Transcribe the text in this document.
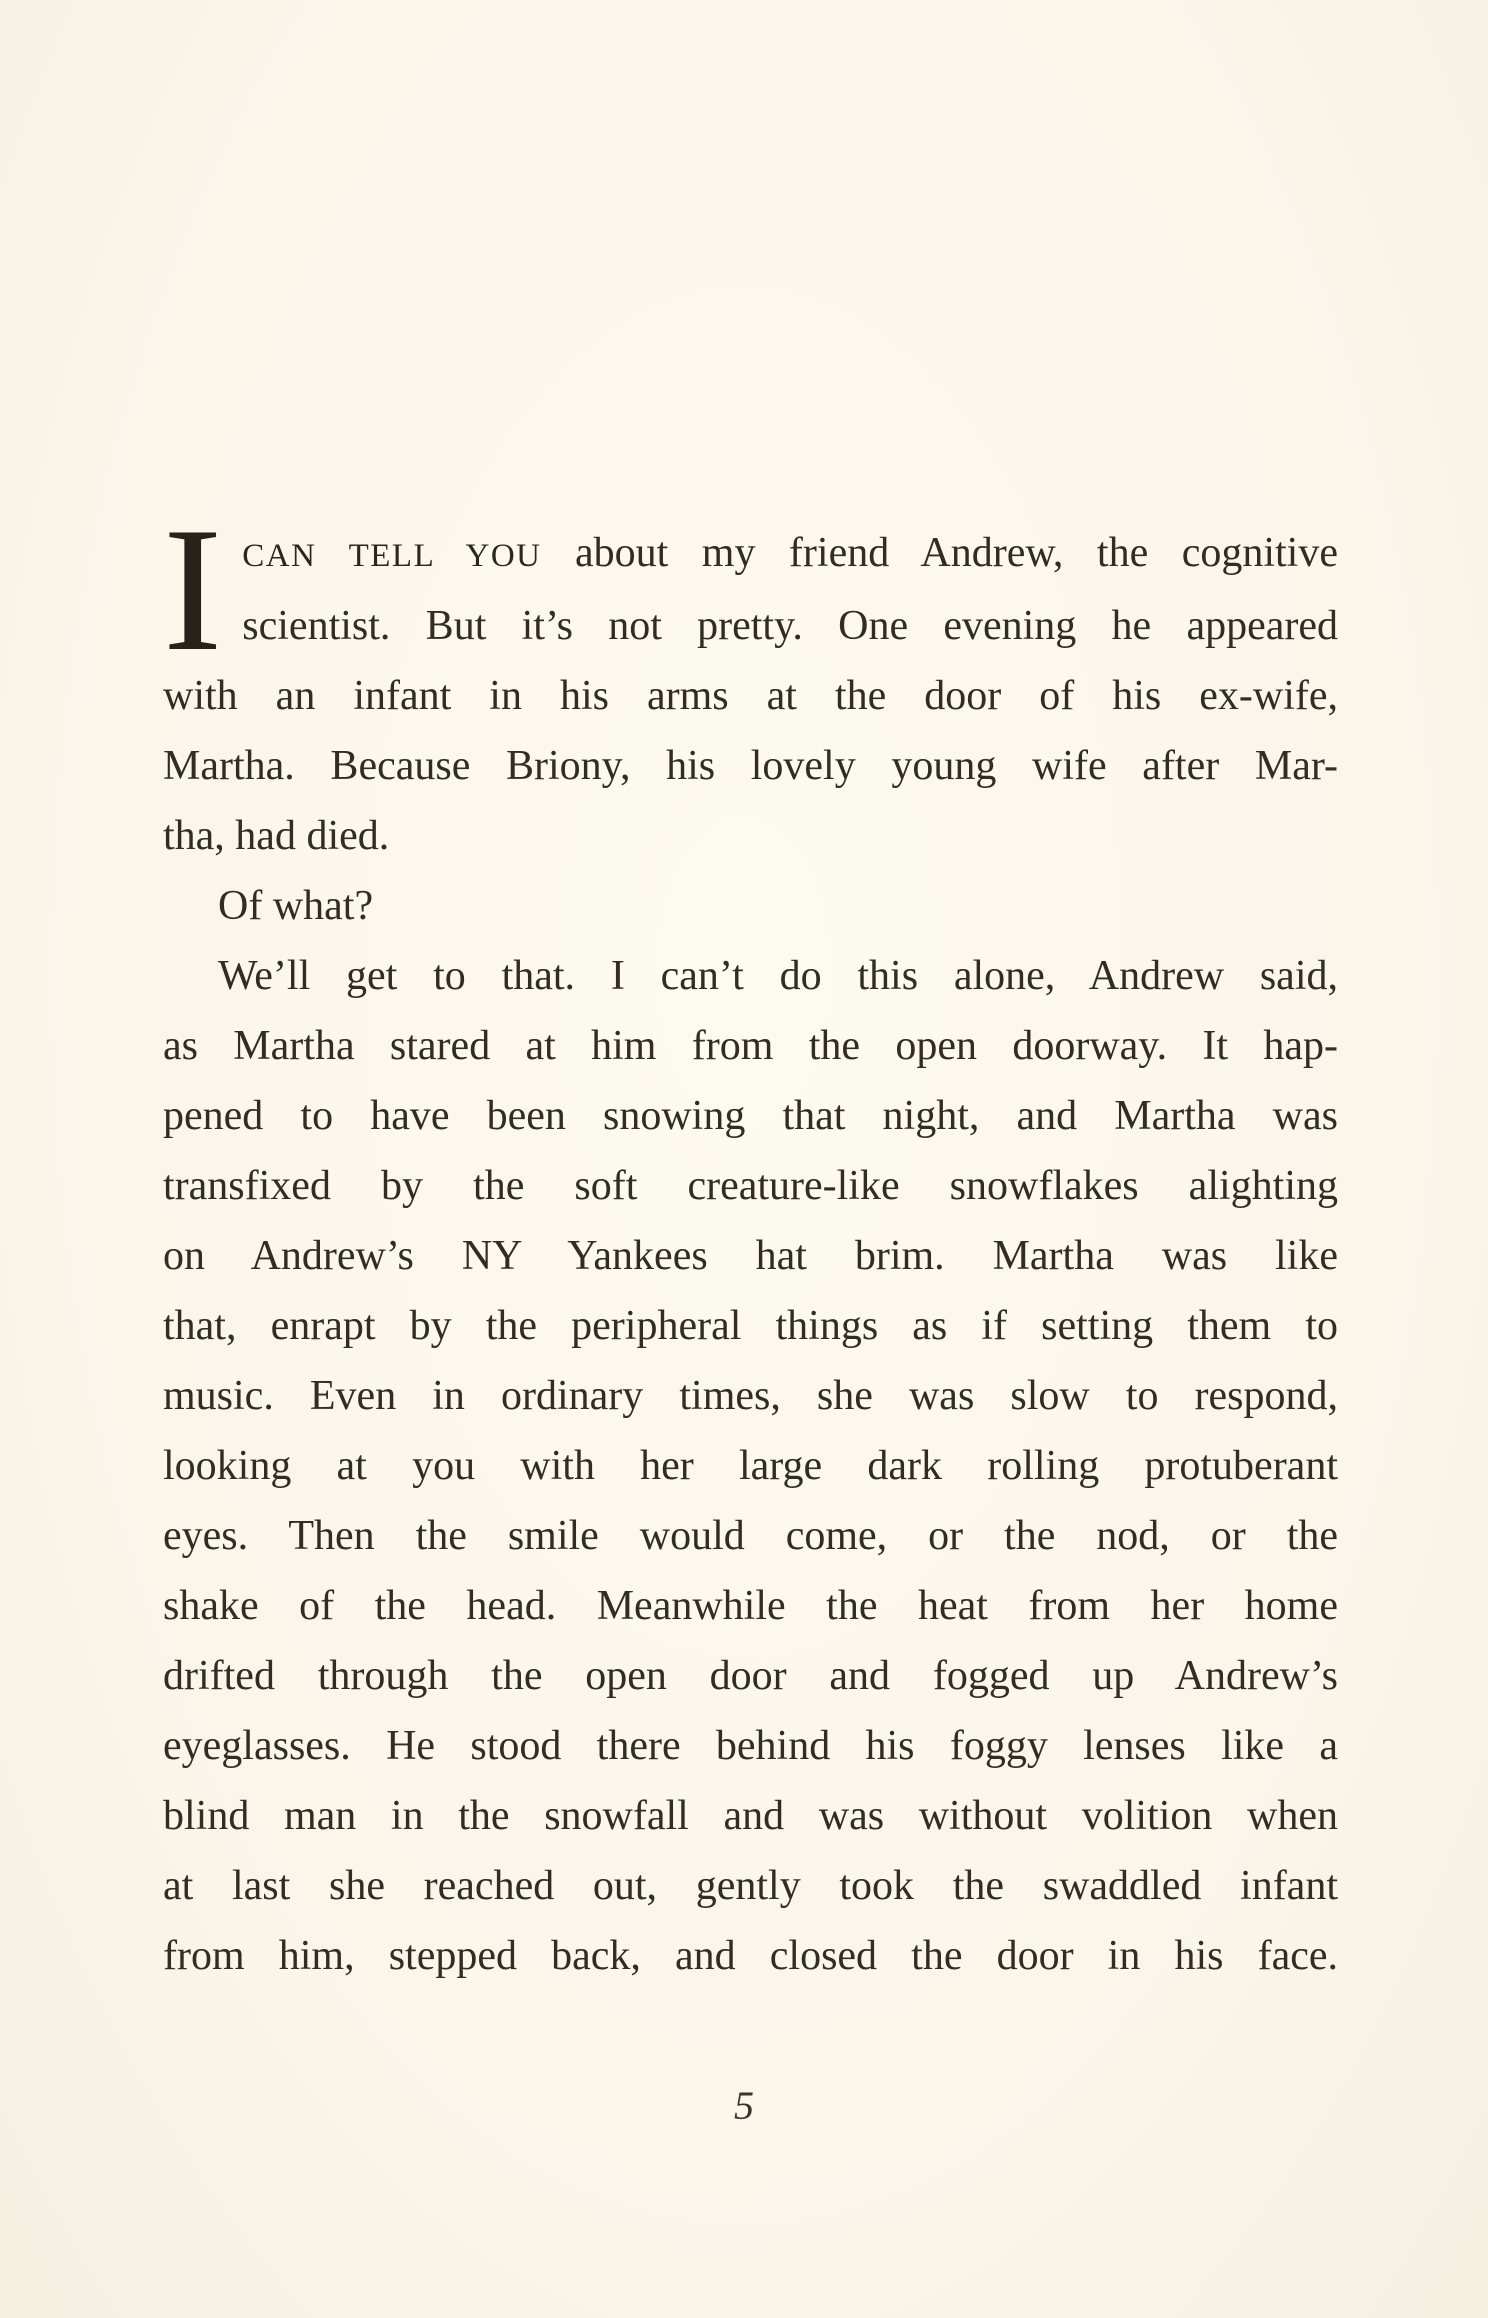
I CAN TELL YOU about my friend Andrew, the cognitive
scientist. But it’s not pretty. One evening he appeared
with an infant in his arms at the door of his ex-wife,
Martha. Because Briony, his lovely young wife after Mar-
tha, had died.
Of what?
We’ll get to that. I can’t do this alone, Andrew said,
as Martha stared at him from the open doorway. It hap-
pened to have been snowing that night, and Martha was
transfixed by the soft creature-like snowflakes alighting
on Andrew’s NY Yankees hat brim. Martha was like
that, enrapt by the peripheral things as if setting them to
music. Even in ordinary times, she was slow to respond,
looking at you with her large dark rolling protuberant
eyes. Then the smile would come, or the nod, or the
shake of the head. Meanwhile the heat from her home
drifted through the open door and fogged up Andrew’s
eyeglasses. He stood there behind his foggy lenses like a
blind man in the snowfall and was without volition when
at last she reached out, gently took the swaddled infant
from him, stepped back, and closed the door in his face.
5
